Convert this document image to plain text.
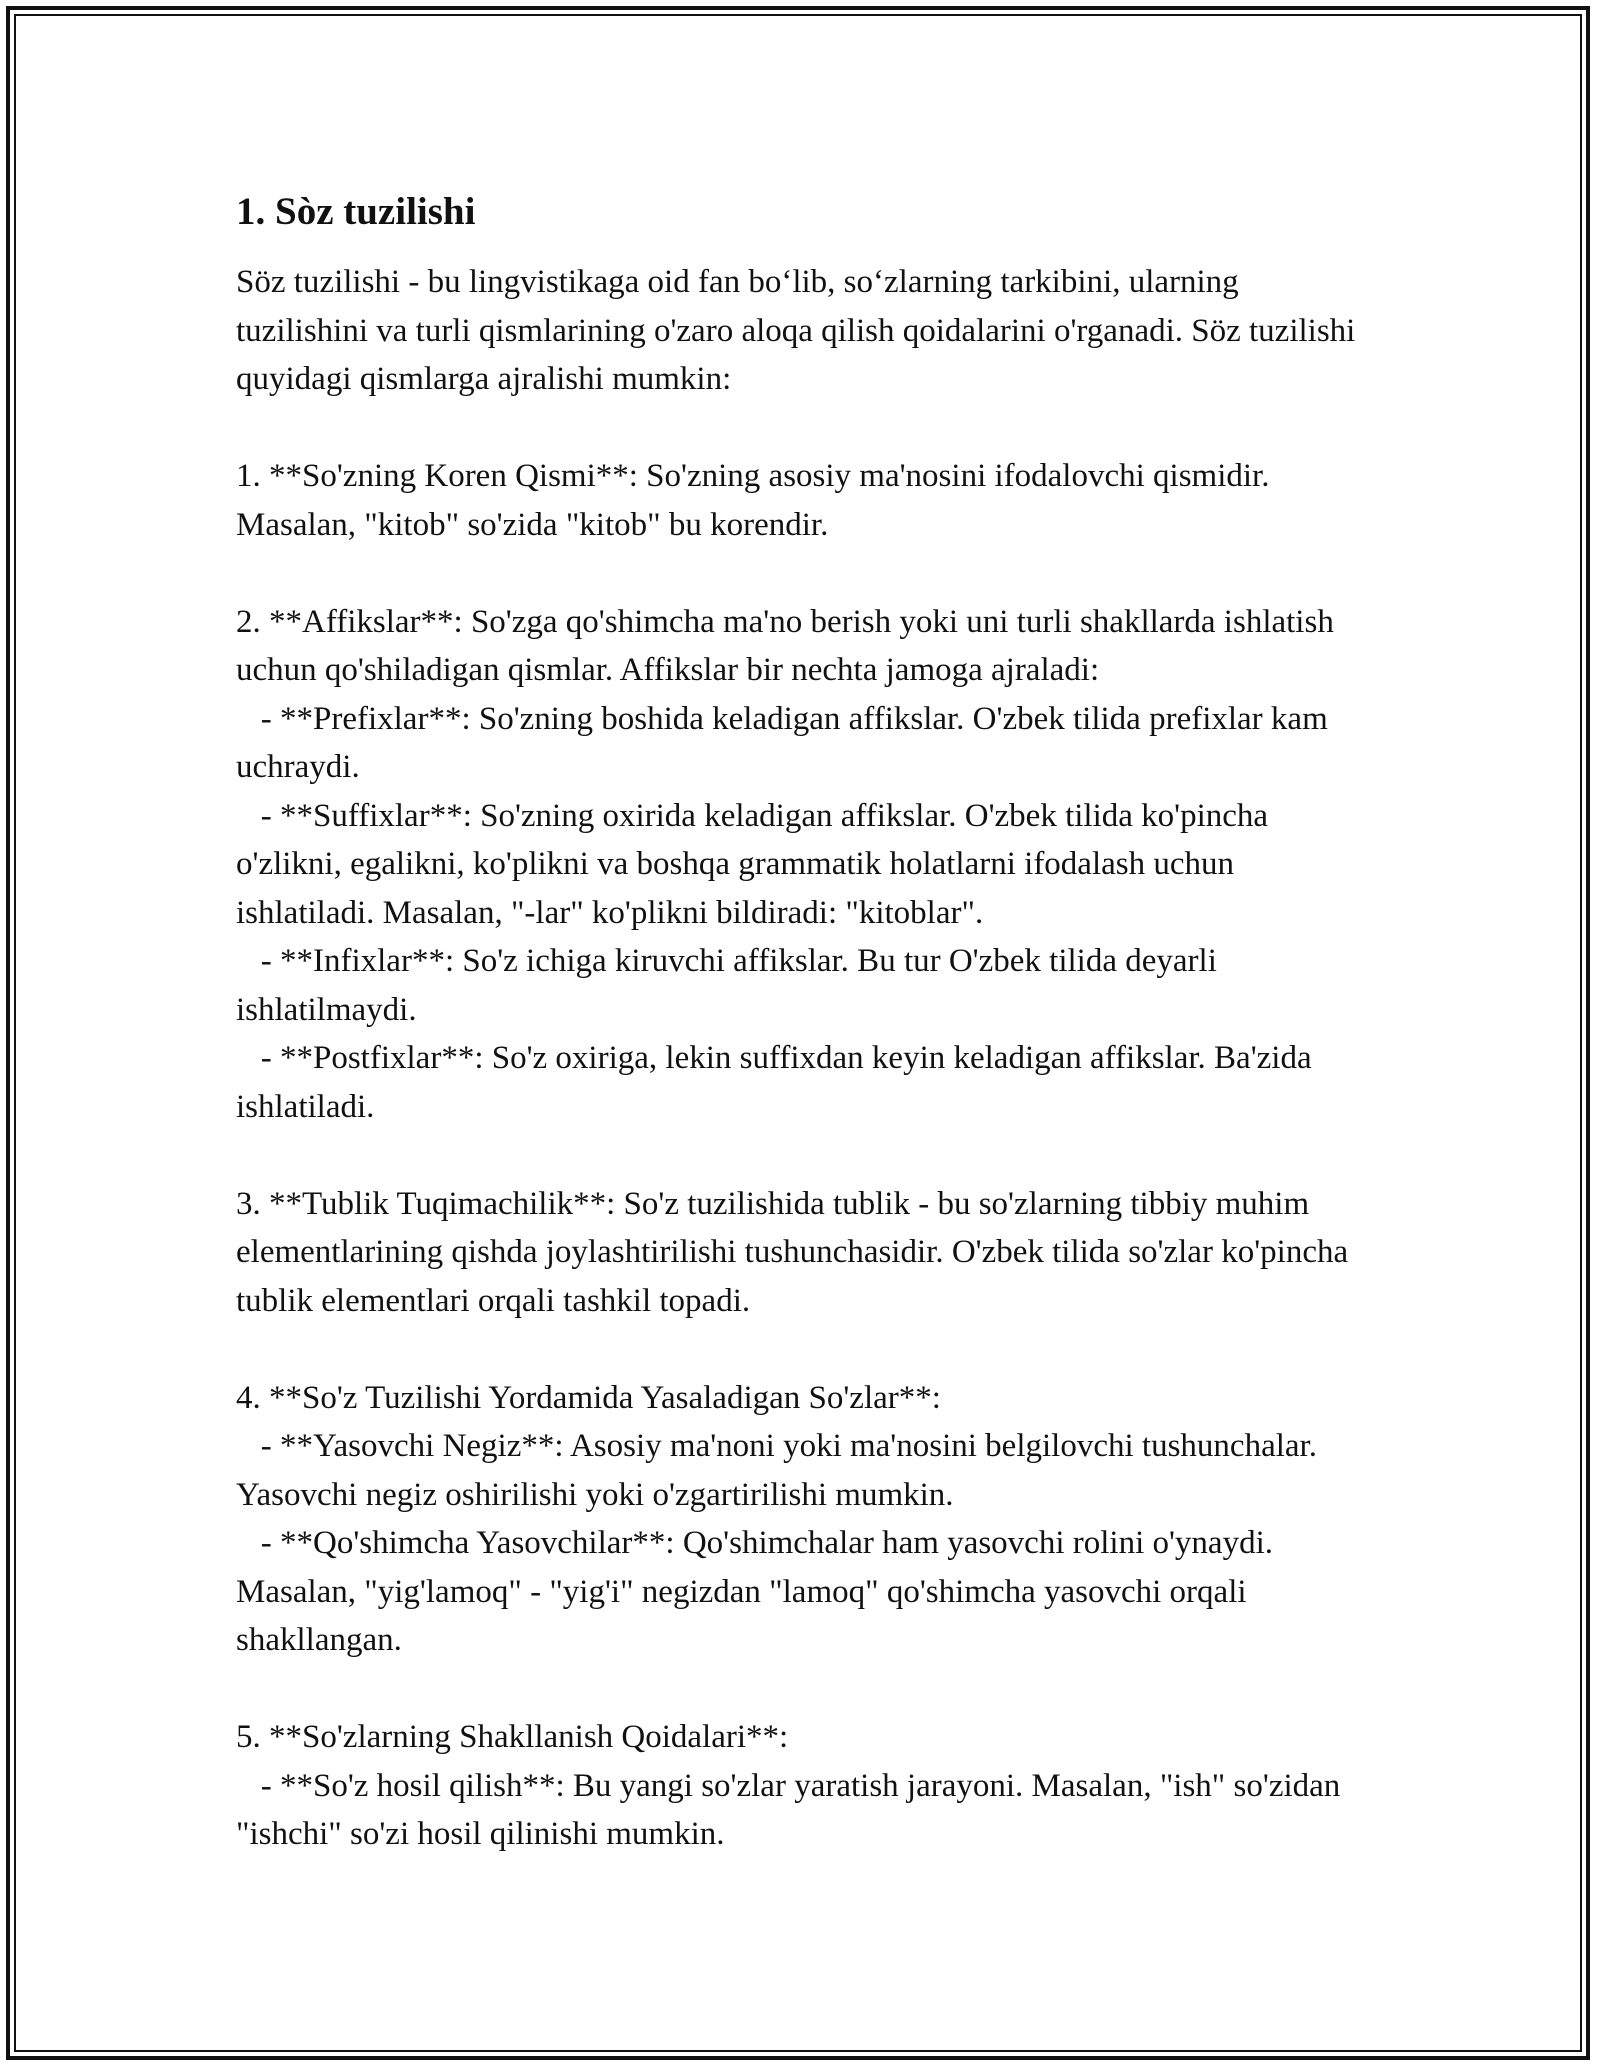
1. Sòz tuzilishi

Söz tuzilishi - bu lingvistikaga oid fan bo‘lib, so‘zlarning tarkibini, ularning tuzilishini va turli qismlarining o'zaro aloqa qilish qoidalarini o'rganadi. Söz tuzilishi quyidagi qismlarga ajralishi mumkin:

1. **So'zning Koren Qismi**: So'zning asosiy ma'nosini ifodalovchi qismidir. Masalan, "kitob" so'zida "kitob" bu korendir.

2. **Affikslar**: So'zga qo'shimcha ma'no berish yoki uni turli shakllarda ishlatish uchun qo'shiladigan qismlar. Affikslar bir nechta jamoga ajraladi:
- **Prefixlar**: So'zning boshida keladigan affikslar. O'zbek tilida prefixlar kam uchraydi.
- **Suffixlar**: So'zning oxirida keladigan affikslar. O'zbek tilida ko'pincha o'zlikni, egalikni, ko'plikni va boshqa grammatik holatlarni ifodalash uchun ishlatiladi. Masalan, "-lar" ko'plikni bildiradi: "kitoblar".
- **Infixlar**: So'z ichiga kiruvchi affikslar. Bu tur O'zbek tilida deyarli ishlatilmaydi.
- **Postfixlar**: So'z oxiriga, lekin suffixdan keyin keladigan affikslar. Ba'zida ishlatiladi.

3. **Tublik Tuqimachilik**: So'z tuzilishida tublik - bu so'zlarning tibbiy muhim elementlarining qishda joylashtirilishi tushunchasidir. O'zbek tilida so'zlar ko'pincha tublik elementlari orqali tashkil topadi.

4. **So'z Tuzilishi Yordamida Yasaladigan So'zlar**:
- **Yasovchi Negiz**: Asosiy ma'noni yoki ma'nosini belgilovchi tushunchalar. Yasovchi negiz oshirilishi yoki o'zgartirilishi mumkin.
- **Qo'shimcha Yasovchilar**: Qo'shimchalar ham yasovchi rolini o'ynaydi. Masalan, "yig'lamoq" - "yig'i" negizdan "lamoq" qo'shimcha yasovchi orqali shakllangan.

5. **So'zlarning Shakllanish Qoidalari**:
- **So'z hosil qilish**: Bu yangi so'zlar yaratish jarayoni. Masalan, "ish" so'zidan "ishchi" so'zi hosil qilinishi mumkin.
